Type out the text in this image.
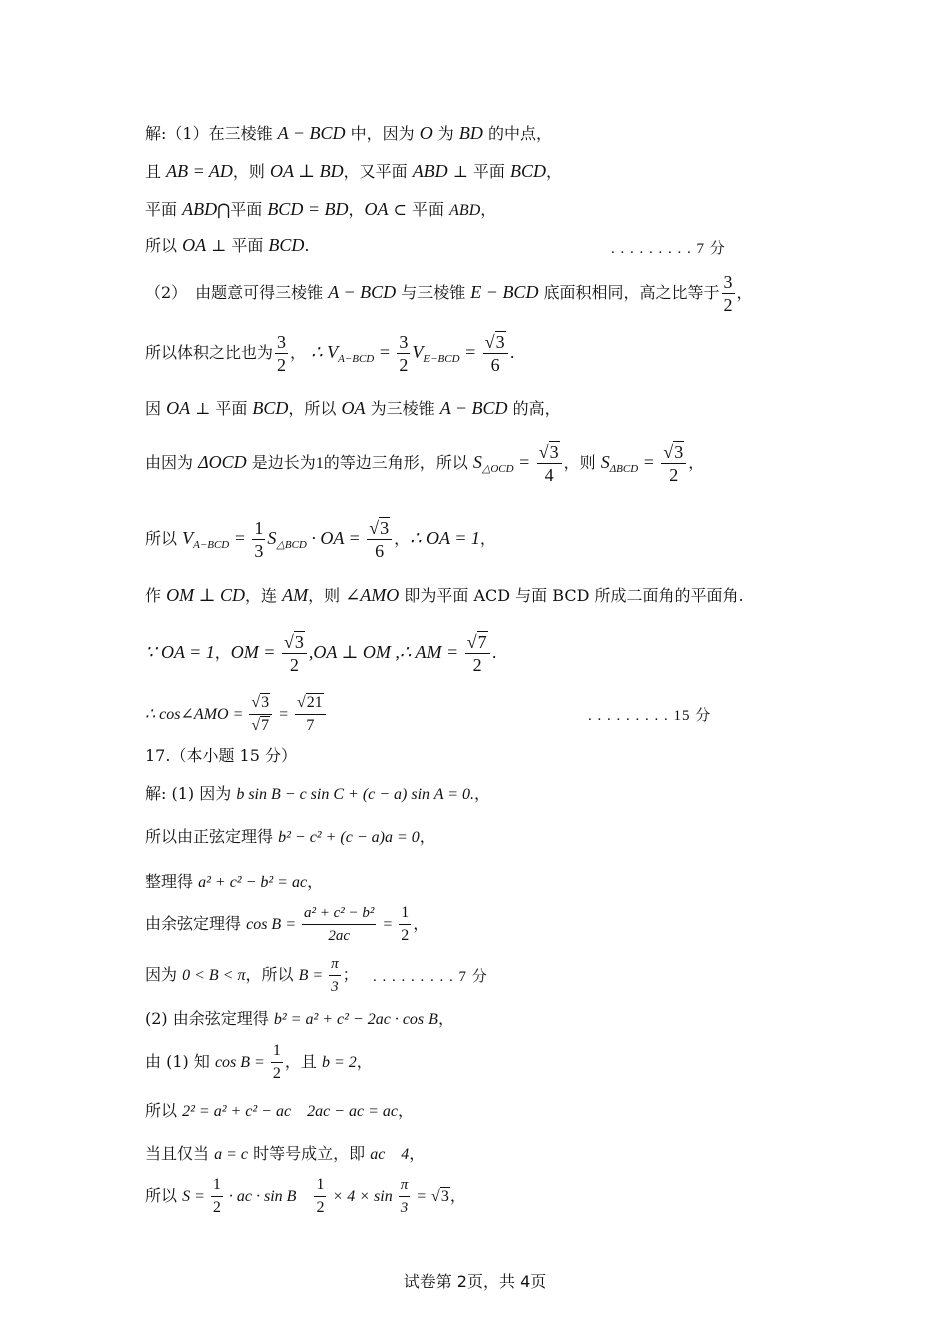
解:（1）在三棱锥 A − BCD 中，因为 O 为 BD 的中点，
且 AB = AD，则 OA ⊥ BD，又平面 ABD ⊥ 平面 BCD，
平面 ABD⋂平面 BCD = BD，OA ⊂ 平面 ABD，
所以 OA ⊥ 平面 BCD.	. . . . . . . . . 7 分
（2）　由题意可得三棱锥 A − BCD 与三棱锥 E − BCD 底面积相同，高之比等于 $\frac{3}{2}$ ，
所以体积之比也为 $\frac{3}{2}$ ， ∴ $V_{A-BCD} = \frac{3}{2} V_{E-BCD} = \frac{√3}{6}$ .
因 OA ⊥ 平面 BCD，所以 OA 为三棱锥 A − BCD 的高，
由因为 ΔOCD 是边长为1的等边三角形，所以 $S_{\triangle OCD} = \frac{√3}{4}$ ，则 $S_{\Delta BCD} = \frac{√3}{2}$ ，
所以 $V_{A-BCD} = \frac{1}{3} S_{\triangle BCD}$ · OA = $\frac{√3}{6}$ ，∴ OA = 1，
作 OM ⊥ CD，连 AM，则 ∠AMO 即为平面 ACD 与面 BCD 所成二面角的平面角.
∵ OA = 1，OM = $\frac{√3}{2} ,OA$ ⊥ OM ,∴ AM = $\frac{√7}{2}$ .
∴ cos∠AMO = $\frac{√3}{√7} = \frac{√21}{7}$	. . . . . . . . . 15 分
17.（本小题 15 分）
解: (1) 因为 b sin B − c sin C + (c − a) sin A = 0.，
所以由正弦定理得 b² − c² + (c − a)a = 0，
整理得 a² + c² − b² = ac，
由余弦定理得 $\cos B = \frac{\text{a² + c² − b²}}{2ac} = \frac{1}{2}$ ，
因为 0 < B < π，所以 $B = \frac{\pi}{3}$ ； . . . . . . . . . 7 分
(2) 由余弦定理得 b² = a² + c² − 2ac · cos B，
由 (1) 知 $\cos B = \frac{1}{2}$ ，且 b = 2，
所以 2² = a² + c² − ac　2ac − ac = ac，
当且仅当 a = c 时等号成立，即 ac　4，
所以 $S = \frac{1}{2}$ · ac · sin B　 $\frac{1}{2} \times 4 \times \sin \frac{\pi}{3} = √3$，
试卷第 2页，共 4页
